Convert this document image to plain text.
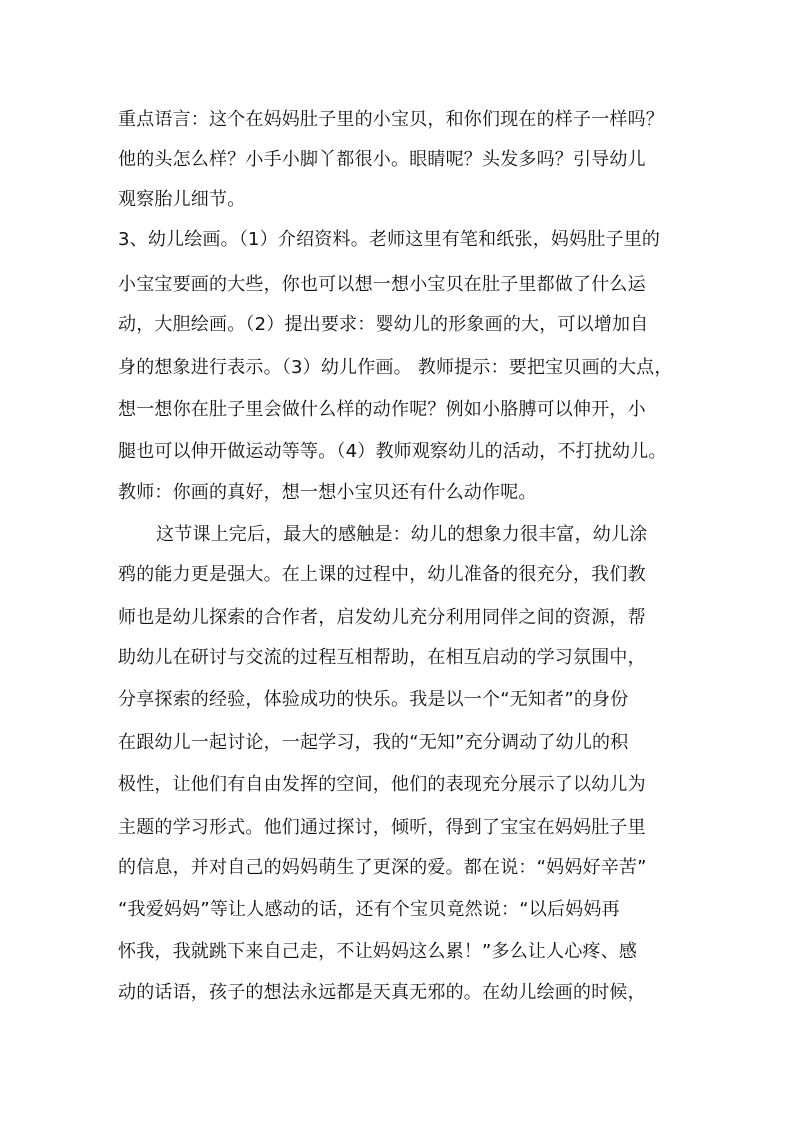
重点语言：这个在妈妈肚子里的小宝贝，和你们现在的样子一样吗？
他的头怎么样？小手小脚丫都很小。眼睛呢？头发多吗？引导幼儿
观察胎儿细节。
3、幼儿绘画。（1）介绍资料。老师这里有笔和纸张，妈妈肚子里的
小宝宝要画的大些，你也可以想一想小宝贝在肚子里都做了什么运
动，大胆绘画。（2）提出要求：婴幼儿的形象画的大，可以增加自
身的想象进行表示。（3）幼儿作画。 教师提示：要把宝贝画的大点，
想一想你在肚子里会做什么样的动作呢？例如小胳膊可以伸开，小
腿也可以伸开做运动等等。（4）教师观察幼儿的活动，不打扰幼儿。
教师：你画的真好，想一想小宝贝还有什么动作呢。
这节课上完后，最大的感触是：幼儿的想象力很丰富，幼儿涂
鸦的能力更是强大。在上课的过程中，幼儿准备的很充分，我们教
师也是幼儿探索的合作者，启发幼儿充分利用同伴之间的资源，帮
助幼儿在研讨与交流的过程互相帮助，在相互启动的学习氛围中，
分享探索的经验，体验成功的快乐。我是以一个“无知者”的身份
在跟幼儿一起讨论，一起学习，我的“无知”充分调动了幼儿的积
极性，让他们有自由发挥的空间，他们的表现充分展示了以幼儿为
主题的学习形式。他们通过探讨，倾听，得到了宝宝在妈妈肚子里
的信息，并对自己的妈妈萌生了更深的爱。都在说：“妈妈好辛苦”
“我爱妈妈”等让人感动的话，还有个宝贝竟然说：“以后妈妈再
怀我，我就跳下来自己走，不让妈妈这么累！”多么让人心疼、感
动的话语，孩子的想法永远都是天真无邪的。在幼儿绘画的时候，
